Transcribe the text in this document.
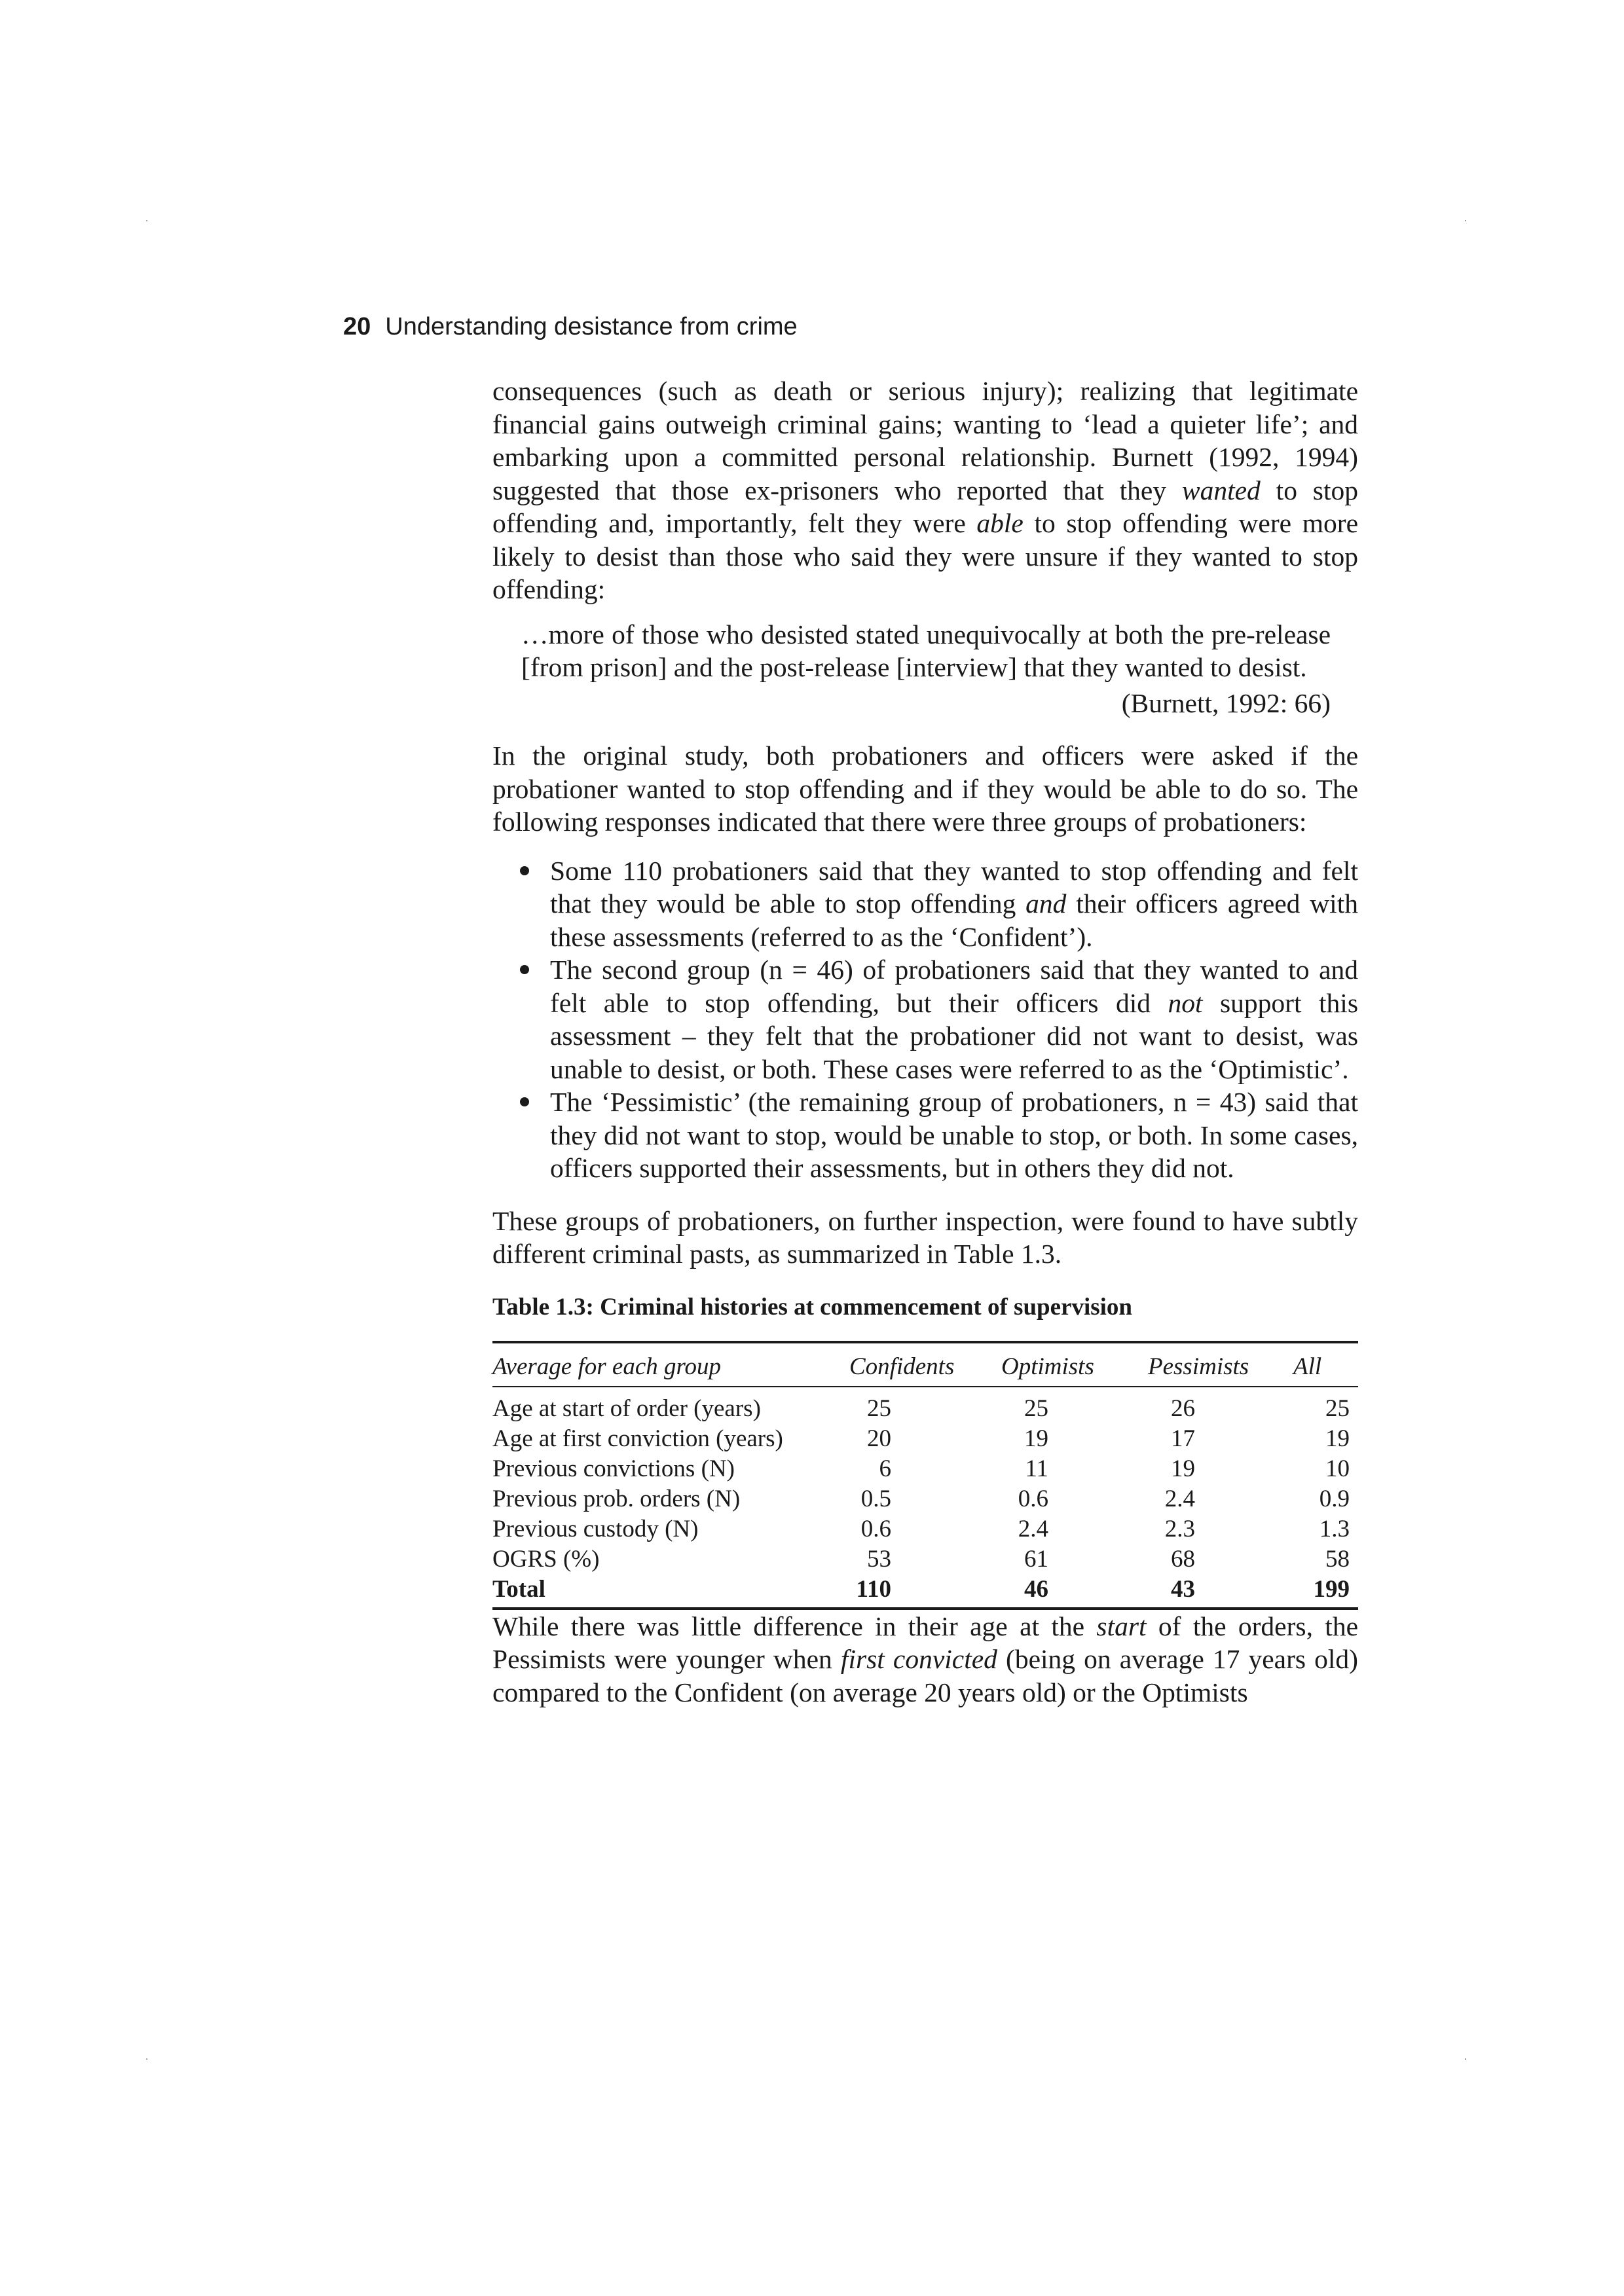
·	·
·	·
20 Understanding desistance from crime

consequences (such as death or serious injury); realizing that legitimate financial gains outweigh criminal gains; wanting to ‘lead a quieter life’; and embarking upon a committed personal relationship. Burnett (1992, 1994) suggested that those ex-prisoners who reported that they wanted to stop offending and, importantly, felt they were able to stop offending were more likely to desist than those who said they were unsure if they wanted to stop offending:

…more of those who desisted stated unequivocally at both the pre-release [from prison] and the post-release [interview] that they wanted to desist.
(Burnett, 1992: 66)

In the original study, both probationers and officers were asked if the probationer wanted to stop offending and if they would be able to do so. The following responses indicated that there were three groups of probationers:

Some 110 probationers said that they wanted to stop offending and felt that they would be able to stop offending and their officers agreed with these assessments (referred to as the ‘Confident’).
The second group (n = 46) of probationers said that they wanted to and felt able to stop offending, but their officers did not support this assessment – they felt that the probationer did not want to desist, was unable to desist, or both. These cases were referred to as the ‘Optimistic’.
The ‘Pessimistic’ (the remaining group of probationers, n = 43) said that they did not want to stop, would be unable to stop, or both. In some cases, officers supported their assessments, but in others they did not.

These groups of probationers, on further inspection, were found to have subtly different criminal pasts, as summarized in Table 1.3.

Table 1.3: Criminal histories at commencement of supervision
Average for each group	Confidents	Optimists	Pessimists	All
Age at start of order (years)	25	25	26	25
Age at first conviction (years)	20	19	17	19
Previous convictions (N)	6	11	19	10
Previous prob. orders (N)	0.5	0.6	2.4	0.9
Previous custody (N)	0.6	2.4	2.3	1.3
OGRS (%)	53	61	68	58
Total	110	46	43	199

While there was little difference in their age at the start of the orders, the Pessimists were younger when first convicted (being on average 17 years old) compared to the Confident (on average 20 years old) or the Optimists
